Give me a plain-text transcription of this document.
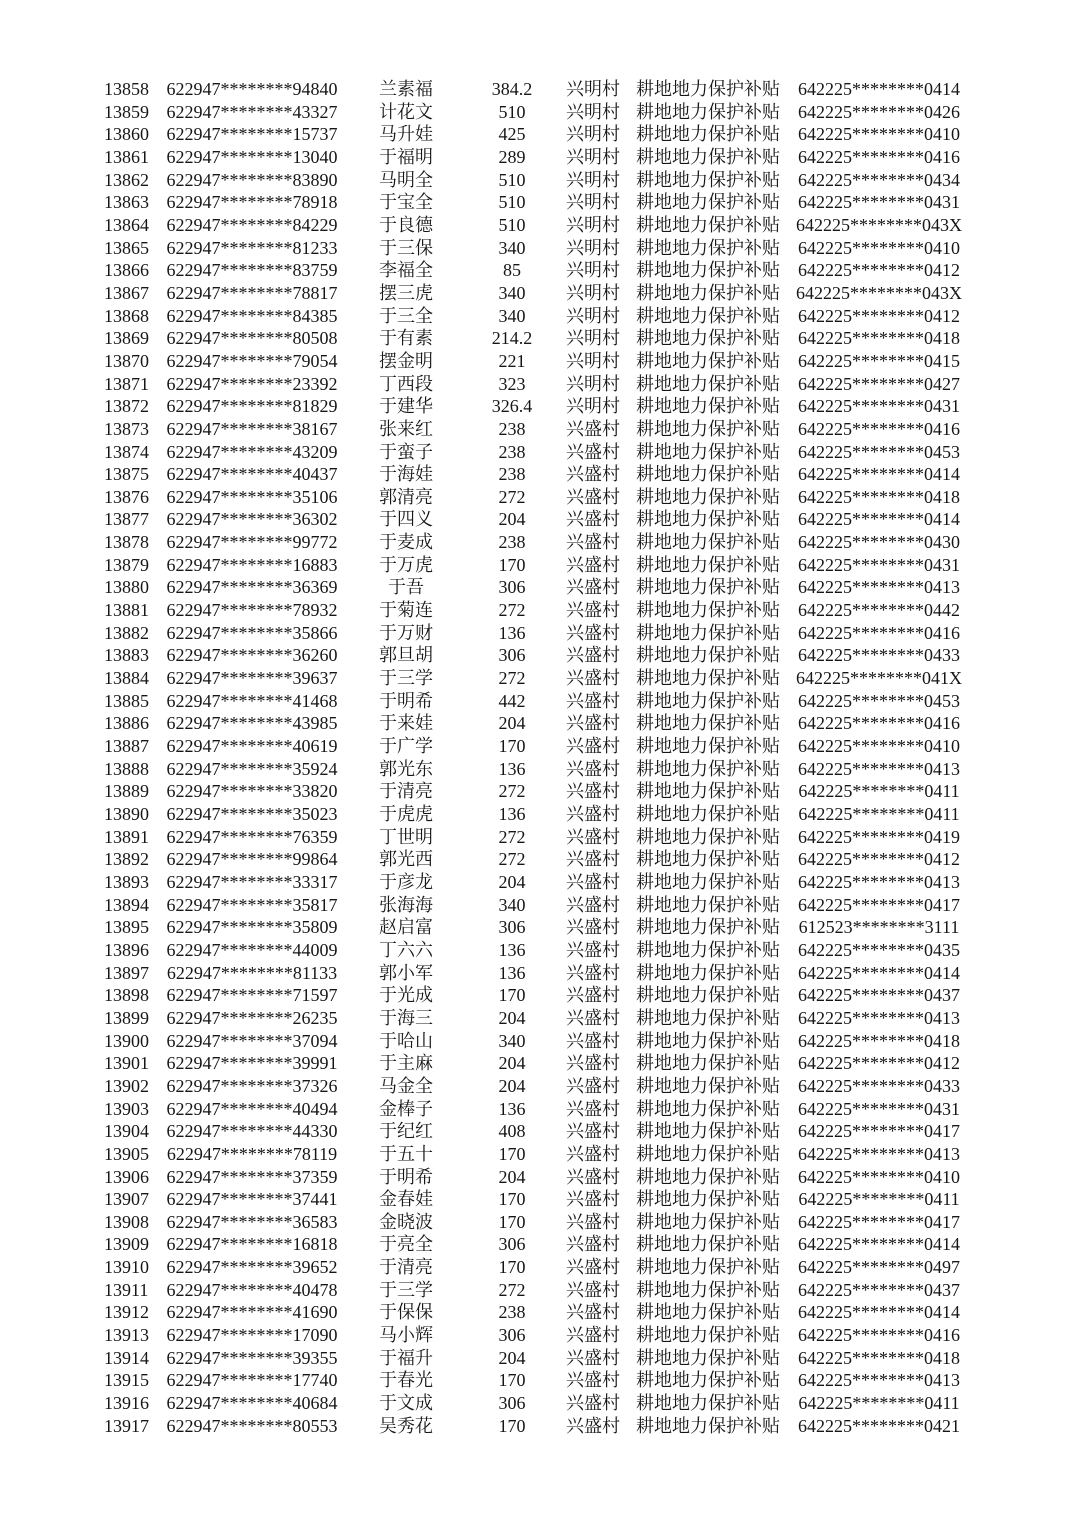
13858 622947********94840	兰素福	384.2	兴明村 耕地地力保护补贴	642225********0414
13859 622947********43327	计花文	510	兴明村 耕地地力保护补贴	642225********0426
13860 622947********15737	马升娃	425	兴明村 耕地地力保护补贴	642225********0410
13861 622947********13040	于福明	289	兴明村 耕地地力保护补贴	642225********0416
13862 622947********83890	马明全	510	兴明村 耕地地力保护补贴	642225********0434
13863 622947********78918	于宝全	510	兴明村 耕地地力保护补贴	642225********0431
13864 622947********84229	于良德	510	兴明村 耕地地力保护补贴 642225********043X
13865 622947********81233	于三保	340	兴明村 耕地地力保护补贴	642225********0410
13866 622947********83759	李福全	85	兴明村 耕地地力保护补贴	642225********0412
13867 622947********78817	摆三虎	340	兴明村 耕地地力保护补贴 642225********043X
13868 622947********84385	于三全	340	兴明村 耕地地力保护补贴	642225********0412
13869 622947********80508	于有素	214.2	兴明村 耕地地力保护补贴	642225********0418
13870 622947********79054	摆金明	221	兴明村 耕地地力保护补贴	642225********0415
13871 622947********23392	丁西段	323	兴明村 耕地地力保护补贴	642225********0427
13872 622947********81829	于建华	326.4	兴明村 耕地地力保护补贴	642225********0431
13873 622947********38167	张来红	238	兴盛村 耕地地力保护补贴	642225********0416
13874 622947********43209	于蛮子	238	兴盛村 耕地地力保护补贴	642225********0453
13875 622947********40437	于海娃	238	兴盛村 耕地地力保护补贴	642225********0414
13876 622947********35106	郭清亮	272	兴盛村 耕地地力保护补贴	642225********0418
13877 622947********36302	于四义	204	兴盛村 耕地地力保护补贴	642225********0414
13878 622947********99772	于麦成	238	兴盛村 耕地地力保护补贴	642225********0430
13879 622947********16883	于万虎	170	兴盛村 耕地地力保护补贴	642225********0431
13880 622947********36369	于吾	306	兴盛村 耕地地力保护补贴	642225********0413
13881 622947********78932	于菊连	272	兴盛村 耕地地力保护补贴	642225********0442
13882 622947********35866	于万财	136	兴盛村 耕地地力保护补贴	642225********0416
13883 622947********36260	郭旦胡	306	兴盛村 耕地地力保护补贴	642225********0433
13884 622947********39637	于三学	272	兴盛村 耕地地力保护补贴 642225********041X
13885 622947********41468	于明希	442	兴盛村 耕地地力保护补贴	642225********0453
13886 622947********43985	于来娃	204	兴盛村 耕地地力保护补贴	642225********0416
13887 622947********40619	于广学	170	兴盛村 耕地地力保护补贴	642225********0410
13888 622947********35924	郭光东	136	兴盛村 耕地地力保护补贴	642225********0413
13889 622947********33820	于清亮	272	兴盛村 耕地地力保护补贴	642225********0411
13890 622947********35023	于虎虎	136	兴盛村 耕地地力保护补贴	642225********0411
13891 622947********76359	丁世明	272	兴盛村 耕地地力保护补贴	642225********0419
13892 622947********99864	郭光西	272	兴盛村 耕地地力保护补贴	642225********0412
13893 622947********33317	于彦龙	204	兴盛村 耕地地力保护补贴	642225********0413
13894 622947********35817	张海海	340	兴盛村 耕地地力保护补贴	642225********0417
13895 622947********35809	赵启富	306	兴盛村 耕地地力保护补贴	612523********3111
13896 622947********44009	丁六六	136	兴盛村 耕地地力保护补贴	642225********0435
13897 622947********81133	郭小军	136	兴盛村 耕地地力保护补贴	642225********0414
13898 622947********71597	于光成	170	兴盛村 耕地地力保护补贴	642225********0437
13899 622947********26235	于海三	204	兴盛村 耕地地力保护补贴	642225********0413
13900 622947********37094	于哈山	340	兴盛村 耕地地力保护补贴	642225********0418
13901 622947********39991	于主麻	204	兴盛村 耕地地力保护补贴	642225********0412
13902 622947********37326	马金全	204	兴盛村 耕地地力保护补贴	642225********0433
13903 622947********40494	金棒子	136	兴盛村 耕地地力保护补贴	642225********0431
13904 622947********44330	于纪红	408	兴盛村 耕地地力保护补贴	642225********0417
13905 622947********78119	于五十	170	兴盛村 耕地地力保护补贴	642225********0413
13906 622947********37359	于明希	204	兴盛村 耕地地力保护补贴	642225********0410
13907 622947********37441	金春娃	170	兴盛村 耕地地力保护补贴	642225********0411
13908 622947********36583	金晓波	170	兴盛村 耕地地力保护补贴	642225********0417
13909 622947********16818	于亮全	306	兴盛村 耕地地力保护补贴	642225********0414
13910 622947********39652	于清亮	170	兴盛村 耕地地力保护补贴	642225********0497
13911	622947********40478	于三学	272	兴盛村 耕地地力保护补贴	642225********0437
13912 622947********41690	于保保	238	兴盛村 耕地地力保护补贴	642225********0414
13913 622947********17090	马小辉	306	兴盛村 耕地地力保护补贴	642225********0416
13914 622947********39355	于福升	204	兴盛村 耕地地力保护补贴	642225********0418
13915 622947********17740	于春光	170	兴盛村 耕地地力保护补贴	642225********0413
13916 622947********40684	于文成	306	兴盛村 耕地地力保护补贴	642225********0411
13917 622947********80553	吴秀花	170	兴盛村 耕地地力保护补贴	642225********0421
